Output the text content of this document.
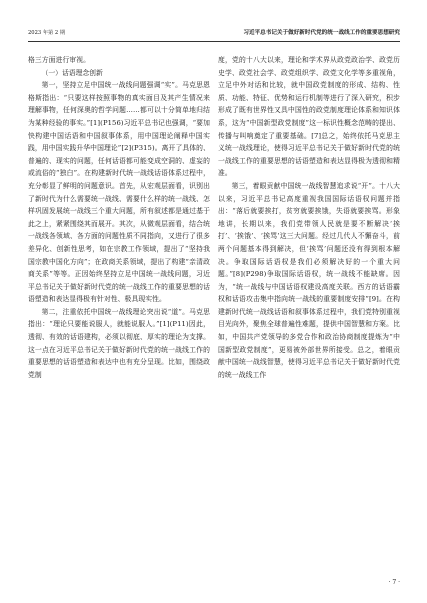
2023 年第 2 期	习近平总书记关于做好新时代党的统一战线工作的重要思想研究

格三方面进行审视。

（一）话语理念创新

第一，坚持立足中国统一战线问题强调“实”。马克思恩格斯指出：“只要这样按照事物的真实面目及其产生情况来理解事物，任何深奥的哲学问题……都可以十分简单地归结为某种经验的事实。”[1](P156)习近平总书记也强调，“要加快构建中国话语和中国叙事体系，用中国理论阐释中国实践，用中国实践升华中国理论”[2](P315)。离开了具体的、普遍的、现实的问题，任何话语都可能变成空洞的、虚妄的或流俗的“独白”。在构建新时代统一战线话语体系过程中，充分彰显了鲜明的问题意识。首先，从宏观层面看，识别出了新时代为什么需要统一战线、需要什么样的统一战线、怎样巩固发展统一战线三个重大问题，所有叙述都是通过基于此之上，紧紧围绕其而展开。其次，从微观层面看，结合统一战线各领域、各方面的问题性质不同指向，又进行了很多差异化、创新性思考，如在宗教工作领域，提出了“坚持我国宗教中国化方向”；在政商关系领域，提出了构建“亲清政商关系”等等。正因始终坚持立足中国统一战线问题，习近平总书记关于做好新时代党的统一战线工作的重要思想的话语塑造和表达显得极有针对性、极具现实性。

第二，注重依托中国统一战线理论突出说“道”。马克思指出：“理论只要能说服人，就能说服人。”[1](P11)因此，透彻、有效的话语建构，必须以彻底、厚实的理论为支撑。这一点在习近平总书记关于做好新时代党的统一战线工作的重要思想的话语塑造和表达中也有充分呈现。比如，围绕政党制

度，党的十八大以来，理论和学术界从政党政治学、政党历史学、政党社会学、政党组织学、政党文化学等多重视角，立足中外对话和比较，就中国政党制度的形成、结构、性质、功能、特征、优势和运行机制等进行了深入研究，积步形成了既有世界性又具中国性的政党制度理论体系和知识体系，这为“中国新型政党制度”这一标识性概念范畴的提出、传播与叫响奠定了重要基础。[7]总之，始终依托马克思主义统一战线理论，使得习近平总书记关于做好新时代党的统一战线工作的重要思想的话语塑造和表达显得极为透彻和精准。

第三，着眼贡献中国统一战线智慧追求说“开”。十八大以来，习近平总书记高度重视我国国际话语权问题并指出：“落后就要挨打，贫穷就要挨饿，失语就要挨骂。形象地讲，长期以来，我们党带领人民就是要不断解决‘挨打’、‘挨饿’、‘挨骂’这三大问题。经过几代人不懈奋斗，前两个问题基本得到解决，但‘挨骂’问题还没有得到根本解决。争取国际话语权是我们必须解决好的一个重大问题。”[8](P298)争取国际话语权，统一战线不能缺席。因为，“统一战线与中国话语权建设高度关联。西方的话语霸权和话语攻击集中指向统一战线的重要制度安排”[9]。在构建新时代统一战线话语和叙事体系过程中，我们党特别重视目光向外，聚焦全球普遍性难题，提供中国智慧和方案。比如，中国共产党领导的多党合作和政治协商制度提炼为“中国新型政党制度”，更易被外部世界所接受。总之，着眼贡献中国统一战线智慧，使得习近平总书记关于做好新时代党的统一战线工作

· 7 ·
